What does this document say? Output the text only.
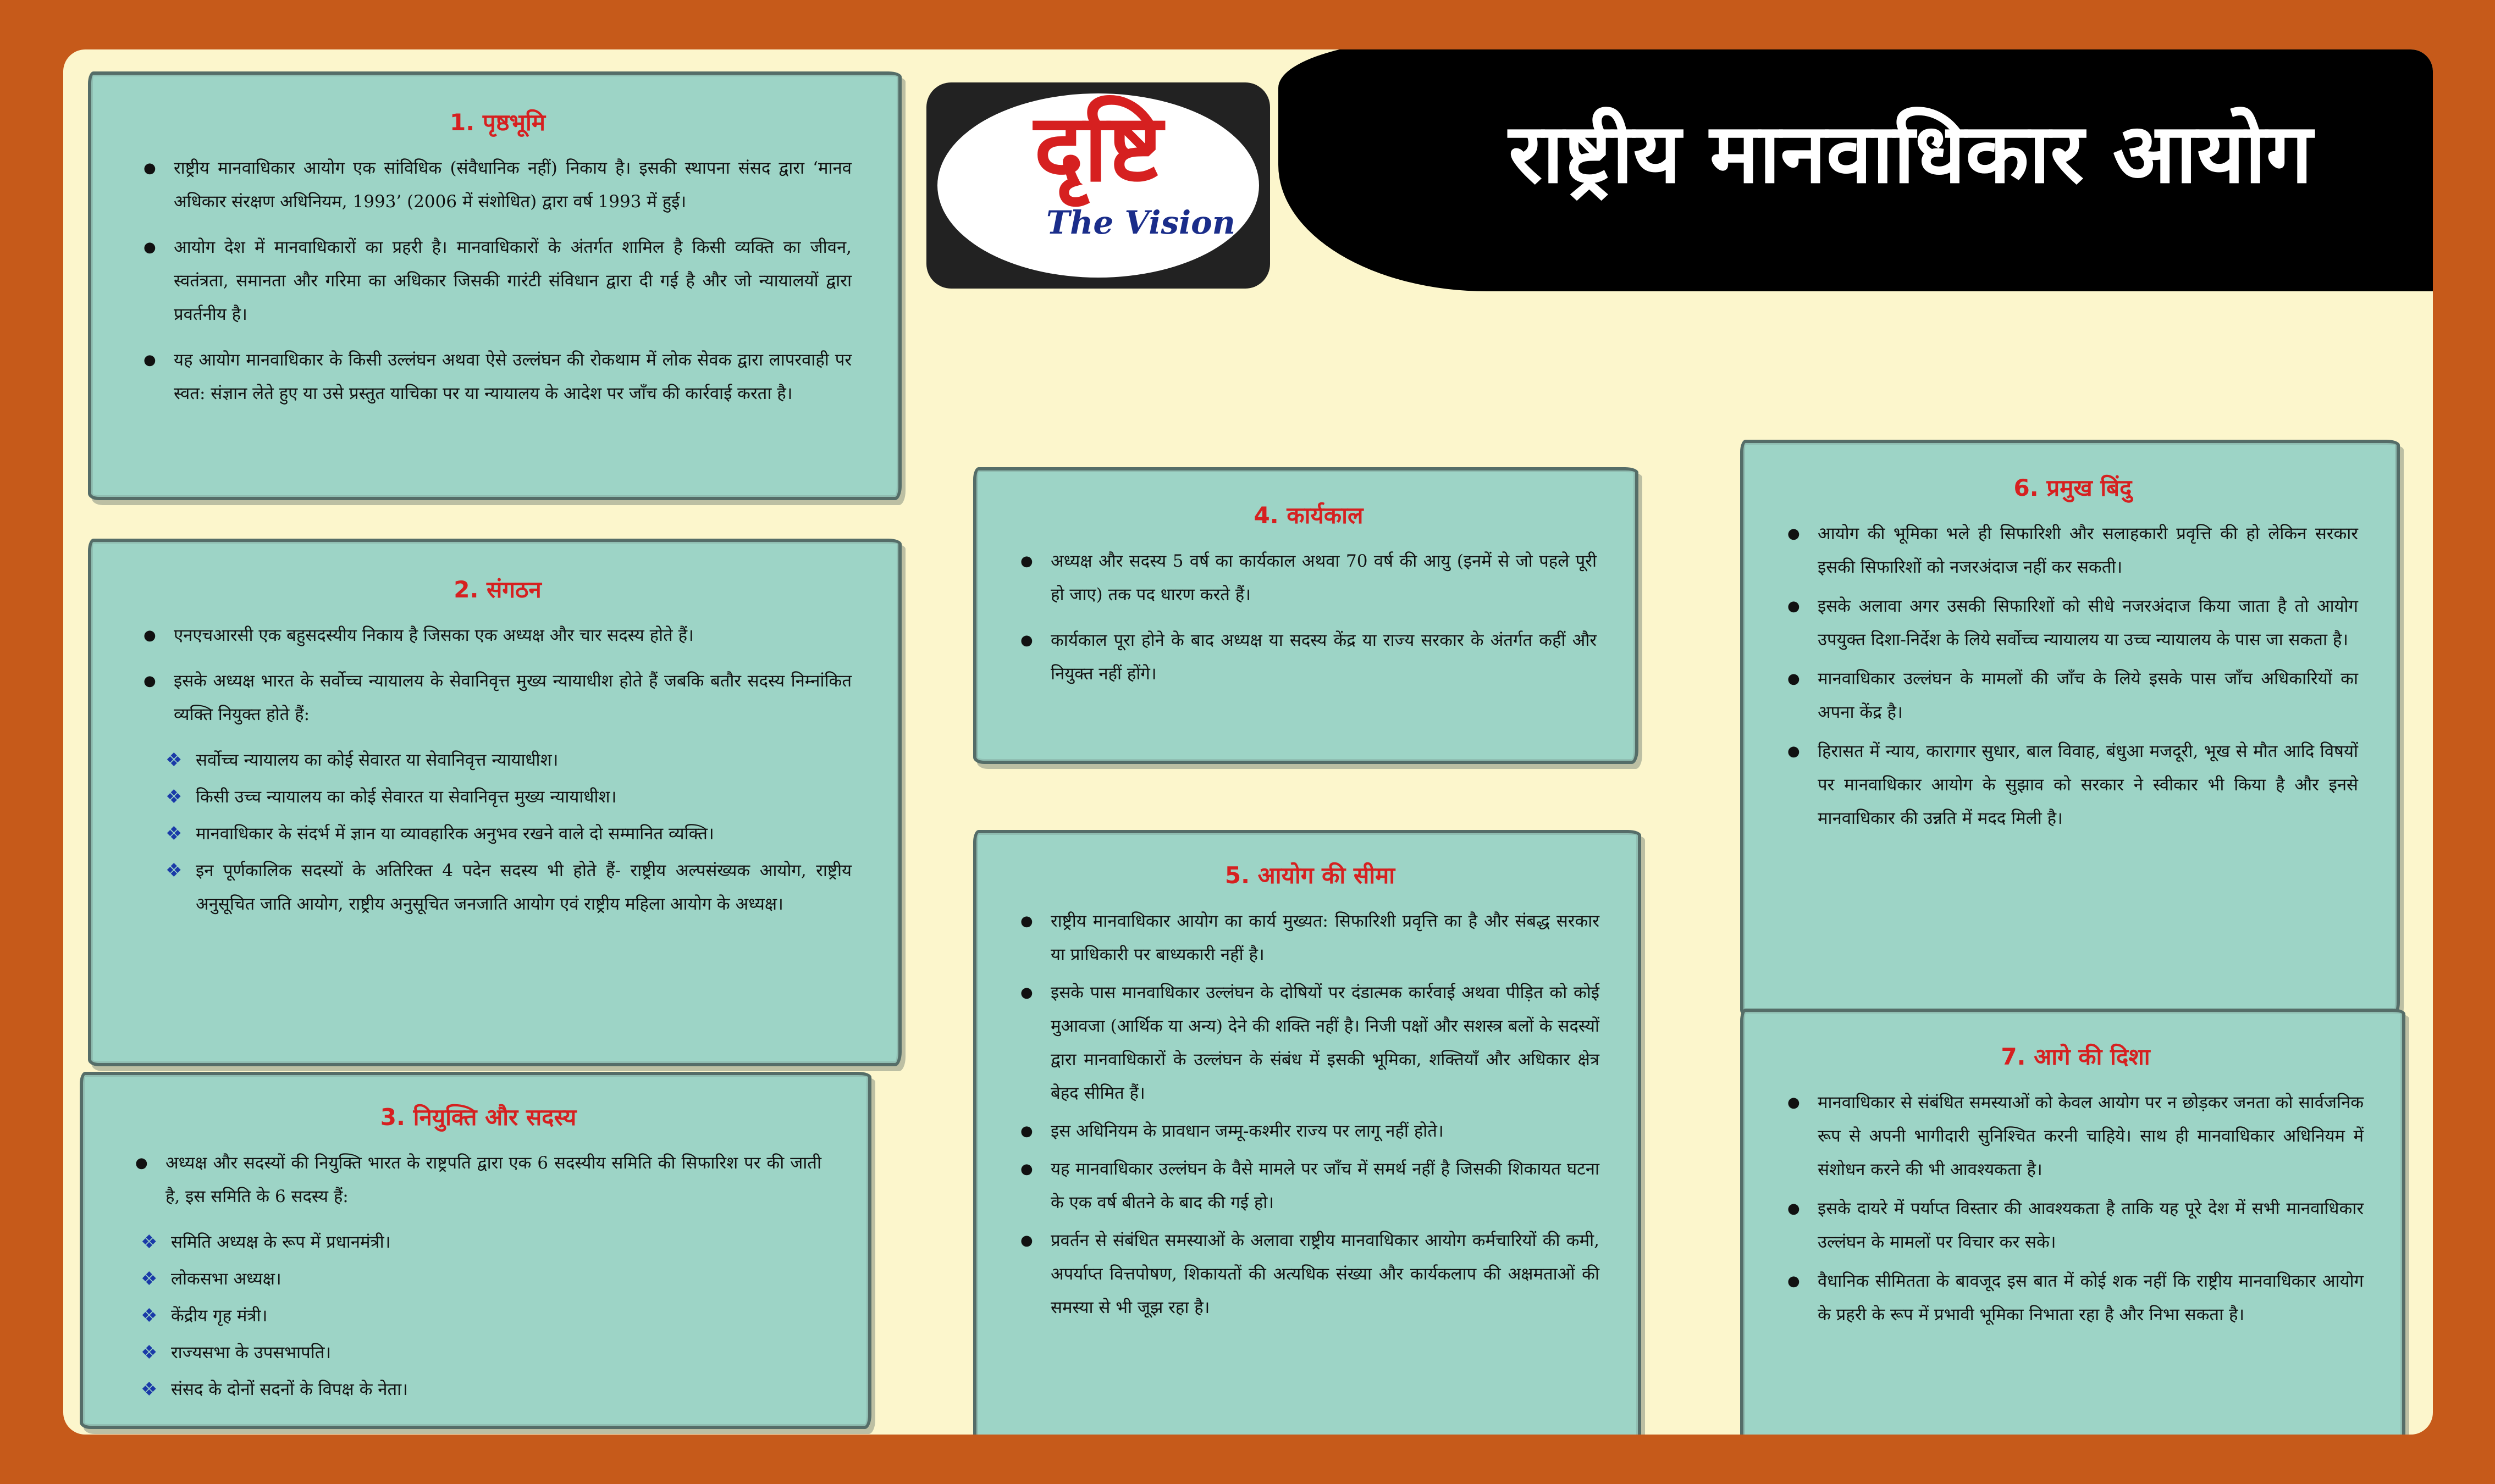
राष्ट्रीय मानवाधिकार आयोग
दृष्टि
The Vision
1. पृष्ठभूमि
● राष्ट्रीय मानवाधिकार आयोग एक सांविधिक (संवैधानिक नहीं) निकाय है। इसकी स्थापना संसद द्वारा ‘मानव अधिकार संरक्षण अधिनियम, 1993’ (2006 में संशोधित) द्वारा वर्ष 1993 में हुई।
● आयोग देश में मानवाधिकारों का प्रहरी है। मानवाधिकारों के अंतर्गत शामिल है किसी व्यक्ति का जीवन, स्वतंत्रता, समानता और गरिमा का अधिकार जिसकी गारंटी संविधान द्वारा दी गई है और जो न्यायालयों द्वारा प्रवर्तनीय है।
● यह आयोग मानवाधिकार के किसी उल्लंघन अथवा ऐसे उल्लंघन की रोकथाम में लोक सेवक द्वारा लापरवाही पर स्वत: संज्ञान लेते हुए या उसे प्रस्तुत याचिका पर या न्यायालय के आदेश पर जाँच की कार्रवाई करता है।
2. संगठन
● एनएचआरसी एक बहुसदस्यीय निकाय है जिसका एक अध्यक्ष और चार सदस्य होते हैं।
● इसके अध्यक्ष भारत के सर्वोच्च न्यायालय के सेवानिवृत्त मुख्य न्यायाधीश होते हैं जबकि बतौर सदस्य निम्नांकित व्यक्ति नियुक्त होते हैं:
❖ सर्वोच्च न्यायालय का कोई सेवारत या सेवानिवृत्त न्यायाधीश।
❖ किसी उच्च न्यायालय का कोई सेवारत या सेवानिवृत्त मुख्य न्यायाधीश।
❖ मानवाधिकार के संदर्भ में ज्ञान या व्यावहारिक अनुभव रखने वाले दो सम्मानित व्यक्ति।
❖ इन पूर्णकालिक सदस्यों के अतिरिक्त 4 पदेन सदस्य भी होते हैं- राष्ट्रीय अल्पसंख्यक आयोग, राष्ट्रीय अनुसूचित जाति आयोग, राष्ट्रीय अनुसूचित जनजाति आयोग एवं राष्ट्रीय महिला आयोग के अध्यक्ष।
3. नियुक्ति और सदस्य
● अध्यक्ष और सदस्यों की नियुक्ति भारत के राष्ट्रपति द्वारा एक 6 सदस्यीय समिति की सिफारिश पर की जाती है, इस समिति के 6 सदस्य हैं:
❖ समिति अध्यक्ष के रूप में प्रधानमंत्री।
❖ लोकसभा अध्यक्ष।
❖ केंद्रीय गृह मंत्री।
❖ राज्यसभा के उपसभापति।
❖ संसद के दोनों सदनों के विपक्ष के नेता।
4. कार्यकाल
● अध्यक्ष और सदस्य 5 वर्ष का कार्यकाल अथवा 70 वर्ष की आयु (इनमें से जो पहले पूरी हो जाए) तक पद धारण करते हैं।
● कार्यकाल पूरा होने के बाद अध्यक्ष या सदस्य केंद्र या राज्य सरकार के अंतर्गत कहीं और नियुक्त नहीं होंगे।
5. आयोग की सीमा
● राष्ट्रीय मानवाधिकार आयोग का कार्य मुख्यत: सिफारिशी प्रवृत्ति का है और संबद्ध सरकार या प्राधिकारी पर बाध्यकारी नहीं है।
● इसके पास मानवाधिकार उल्लंघन के दोषियों पर दंडात्मक कार्रवाई अथवा पीड़ित को कोई मुआवजा (आर्थिक या अन्य) देने की शक्ति नहीं है। निजी पक्षों और सशस्त्र बलों के सदस्यों द्वारा मानवाधिकारों के उल्लंघन के संबंध में इसकी भूमिका, शक्तियाँ और अधिकार क्षेत्र बेहद सीमित हैं।
● इस अधिनियम के प्रावधान जम्मू-कश्मीर राज्य पर लागू नहीं होते।
● यह मानवाधिकार उल्लंघन के वैसे मामले पर जाँच में समर्थ नहीं है जिसकी शिकायत घटना के एक वर्ष बीतने के बाद की गई हो।
● प्रवर्तन से संबंधित समस्याओं के अलावा राष्ट्रीय मानवाधिकार आयोग कर्मचारियों की कमी, अपर्याप्त वित्तपोषण, शिकायतों की अत्यधिक संख्या और कार्यकलाप की अक्षमताओं की समस्या से भी जूझ रहा है।
6. प्रमुख बिंदु
● आयोग की भूमिका भले ही सिफारिशी और सलाहकारी प्रवृत्ति की हो लेकिन सरकार इसकी सिफारिशों को नजरअंदाज नहीं कर सकती।
● इसके अलावा अगर उसकी सिफारिशों को सीधे नजरअंदाज किया जाता है तो आयोग उपयुक्त दिशा-निर्देश के लिये सर्वोच्च न्यायालय या उच्च न्यायालय के पास जा सकता है।
● मानवाधिकार उल्लंघन के मामलों की जाँच के लिये इसके पास जाँच अधिकारियों का अपना केंद्र है।
● हिरासत में न्याय, कारागार सुधार, बाल विवाह, बंधुआ मजदूरी, भूख से मौत आदि विषयों पर मानवाधिकार आयोग के सुझाव को सरकार ने स्वीकार भी किया है और इनसे मानवाधिकार की उन्नति में मदद मिली है।
7. आगे की दिशा
● मानवाधिकार से संबंधित समस्याओं को केवल आयोग पर न छोड़कर जनता को सार्वजनिक रूप से अपनी भागीदारी सुनिश्चित करनी चाहिये। साथ ही मानवाधिकार अधिनियम में संशोधन करने की भी आवश्यकता है।
● इसके दायरे में पर्याप्त विस्तार की आवश्यकता है ताकि यह पूरे देश में सभी मानवाधिकार उल्लंघन के मामलों पर विचार कर सके।
● वैधानिक सीमितता के बावजूद इस बात में कोई शक नहीं कि राष्ट्रीय मानवाधिकार आयोग के प्रहरी के रूप में प्रभावी भूमिका निभाता रहा है और निभा सकता है।
